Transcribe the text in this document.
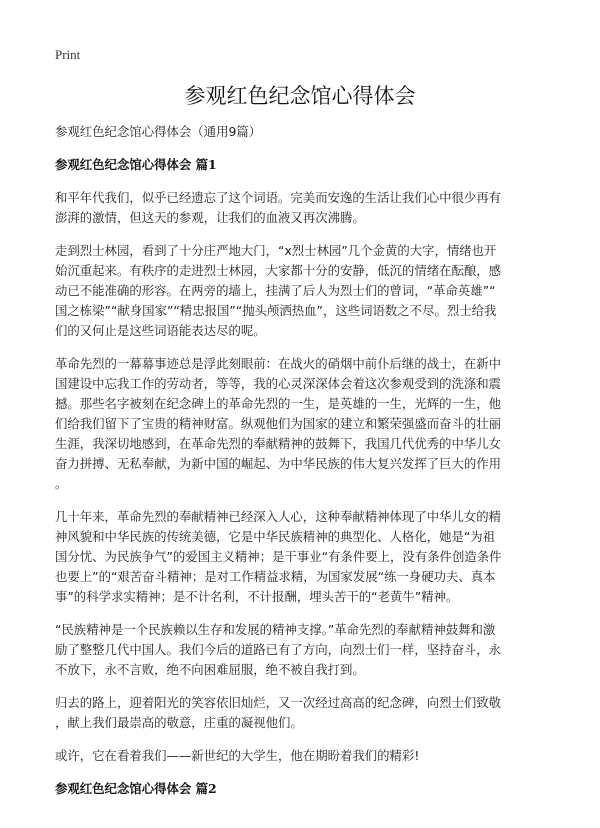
Print
参观红色纪念馆心得体会
参观红色纪念馆心得体会（通用9篇）
参观红色纪念馆心得体会 篇1
和平年代我们，似乎已经遗忘了这个词语。完美而安逸的生活让我们心中很少再有
澎湃的激情，但这天的参观，让我们的血液又再次沸腾。
走到烈士林园，看到了十分庄严地大门，“x烈士林园”几个金黄的大字，情绪也开
始沉重起来。有秩序的走进烈士林园，大家都十分的安静，低沉的情绪在酝酿，感
动已不能准确的形容。在两旁的墙上，挂满了后人为烈士们的曾词，“革命英雄”“
国之栋梁”“献身国家”“精忠报国”“抛头颅洒热血”，这些词语数之不尽。烈士给我
们的又何止是这些词语能表达尽的呢。
革命先烈的一幕幕事迹总是浮此刻眼前：在战火的硝烟中前仆后继的战士，在新中
国建设中忘我工作的劳动者，等等，我的心灵深深体会着这次参观受到的洗涤和震
撼。那些名字被刻在纪念碑上的革命先烈的一生，是英雄的一生，光辉的一生，他
们给我们留下了宝贵的精神财富。纵观他们为国家的建立和繁荣强盛而奋斗的壮丽
生涯，我深切地感到，在革命先烈的奉献精神的鼓舞下，我国几代优秀的中华儿女
奋力拼搏、无私奉献，为新中国的崛起、为中华民族的伟大复兴发挥了巨大的作用
。
几十年来，革命先烈的奉献精神已经深入人心，这种奉献精神体现了中华儿女的精
神风貌和中华民族的传统美德，它是中华民族精神的典型化、人格化，她是“为祖
国分忧、为民族争气”的爱国主义精神；是干事业“有条件要上，没有条件创造条件
也要上”的“艰苦奋斗精神；是对工作精益求精，为国家发展“练一身硬功夫、真本
事”的科学求实精神；是不计名利，不计报酬，埋头苦干的“老黄牛”精神。
“民族精神是一个民族赖以生存和发展的精神支撑。”革命先烈的奉献精神鼓舞和激
励了整整几代中国人。我们今后的道路已有了方向，向烈士们一样，坚持奋斗，永
不放下，永不言败，绝不向困难屈服，绝不被自我打到。
归去的路上，迎着阳光的笑容依旧灿烂，又一次经过高高的纪念碑，向烈士们致敬
，献上我们最崇高的敬意，庄重的凝视他们。
或许，它在看着我们——新世纪的大学生，他在期盼着我们的精彩!
参观红色纪念馆心得体会 篇2
